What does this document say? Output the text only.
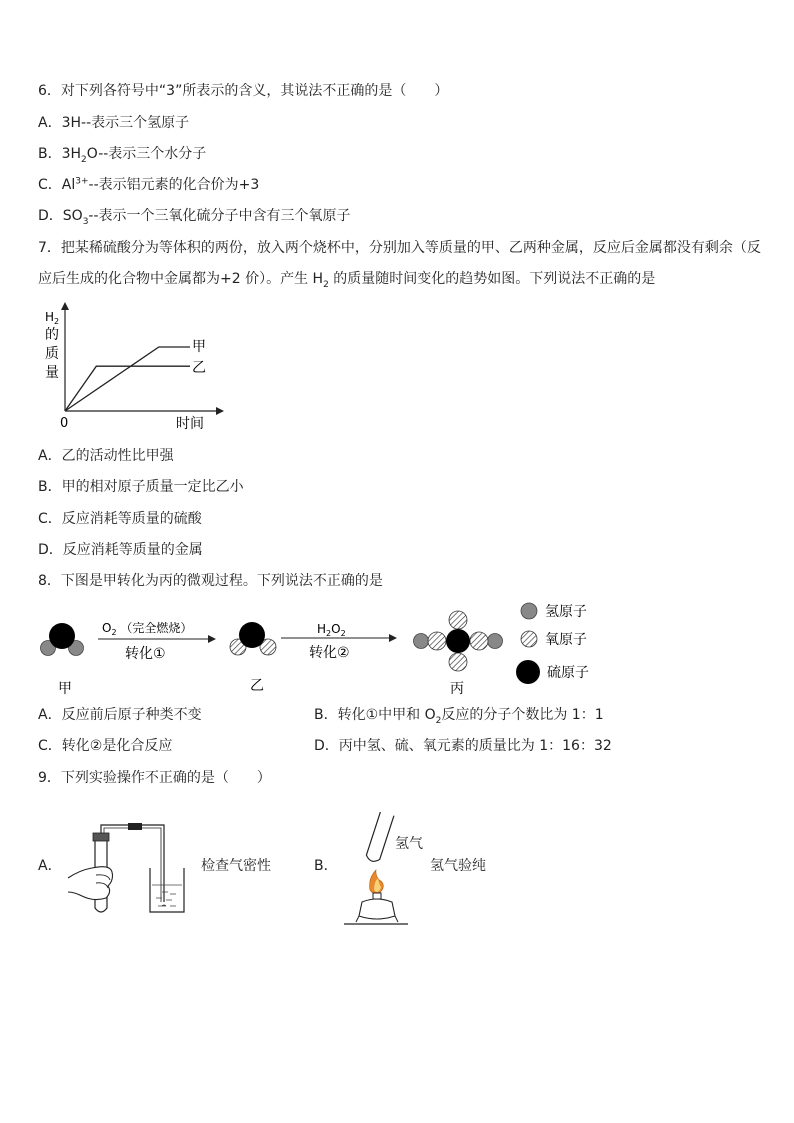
6．对下列各符号中“3”所表示的含义，其说法不正确的是（　　）
A．3H--表示三个氢原子
B．$3H_2O--$表示三个水分子
C．$Al^{3+}--$表示铝元素的化合价为+3
D．$SO_3--$表示一个三氧化硫分子中含有三个氧原子
7．把某稀硫酸分为等体积的两份，放入两个烧杯中，分别加入等质量的甲、乙两种金属，反应后金属都没有剩余（反
应后生成的化合物中金属都为+2 价）。产生 $H_2$ 的质量随时间变化的趋势如图。下列说法不正确的是
$H_2$
的
质
量
0	时间
甲
乙
A．乙的活动性比甲强
B．甲的相对原子质量一定比乙小
C．反应消耗等质量的硫酸
D．反应消耗等质量的金属
8．下图是甲转化为丙的微观过程。下列说法不正确的是
$O_2$ （完全燃烧）
转化①
$H_2O_2$
转化②
甲	乙	丙
氢原子
氧原子
硫原子
A．反应前后原子种类不变	B．转化①中甲和 $O_2$反应的分子个数比为 1：1
C．转化②是化合反应	D．丙中氢、硫、氧元素的质量比为 1：16：32
9．下列实验操作不正确的是（　　）
A．	检查气密性	B．
氢气
氢气验纯
